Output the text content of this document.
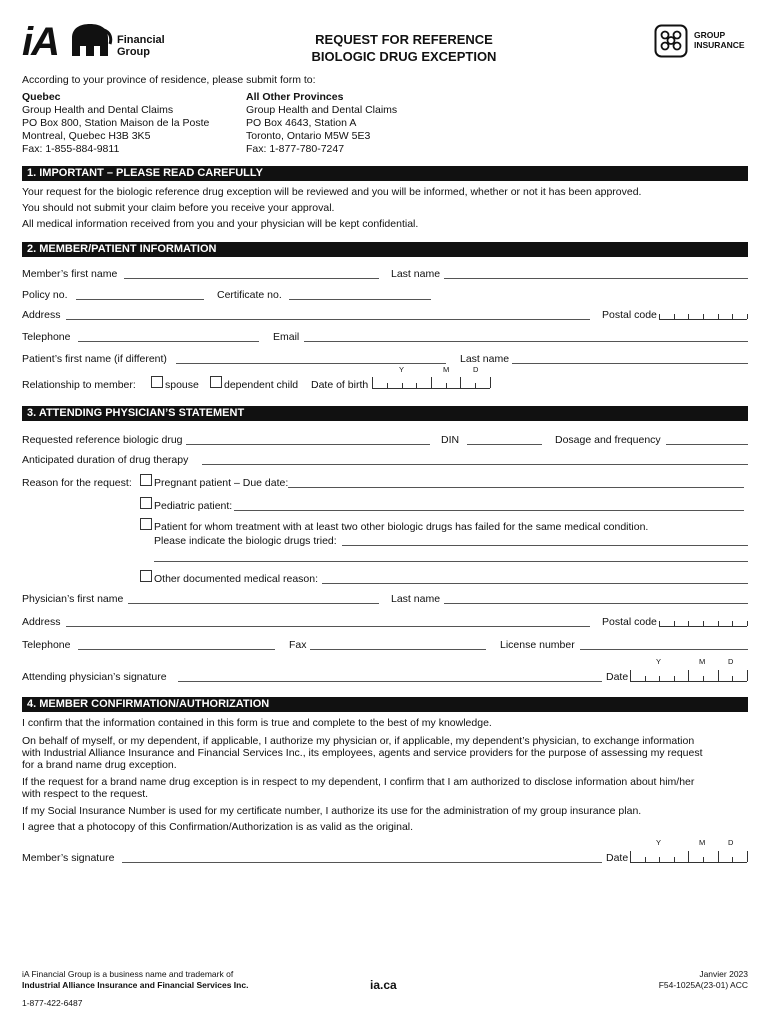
iA	Financial
Group
REQUEST FOR REFERENCE
BIOLOGIC DRUG EXCEPTION
GROUP
INSURANCE
According to your province of residence, please submit form to:
Quebec
Group Health and Dental Claims
PO Box 800, Station Maison de la Poste
Montreal, Quebec H3B 3K5
Fax: 1-855-884-9811
All Other Provinces
Group Health and Dental Claims
PO Box 4643, Station A
Toronto, Ontario M5W 5E3
Fax: 1-877-780-7247
1. IMPORTANT – PLEASE READ CAREFULLY
Your request for the biologic reference drug exception will be reviewed and you will be informed, whether or not it has been approved.
You should not submit your claim before you receive your approval.
All medical information received from you and your physician will be kept confidential.
2. MEMBER/PATIENT INFORMATION
Member’s first name	Last name
Policy no.	Certificate no.
Address	Postal code
Telephone	Email
Patient’s first name (if different)	Last name
Y	M	D
Relationship to member:	spouse dependent child Date of birth
3. ATTENDING PHYSICIAN’S STATEMENT
Requested reference biologic drug	DIN	Dosage and frequency
Anticipated duration of drug therapy
Reason for the request: Pregnant patient – Due date:
Pediatric patient:
Patient for whom treatment with at least two other biologic drugs has failed for the same medical condition.
Please indicate the biologic drugs tried:
Other documented medical reason:
Physician’s first name	Last name
Address	Postal code
Telephone	Fax	License number
Y	M	D
Attending physician’s signature	Date
4. MEMBER CONFIRMATION/AUTHORIZATION
I confirm that the information contained in this form is true and complete to the best of my knowledge.
On behalf of myself, or my dependent, if applicable, I authorize my physician or, if applicable, my dependent’s physician, to exchange information
with Industrial Alliance Insurance and Financial Services Inc., its employees, agents and service providers for the purpose of assessing my request
for a brand name drug exception.
If the request for a brand name drug exception is in respect to my dependent, I confirm that I am authorized to disclose information about him/her
with respect to the request.
If my Social Insurance Number is used for my certificate number, I authorize its use for the administration of my group insurance plan.
I agree that a photocopy of this Confirmation/Authorization is as valid as the original.
Y	M	D
Member’s signature	Date
iA Financial Group is a business name and trademark of
Industrial Alliance Insurance and Financial Services Inc.	ia.ca
Janvier 2023
F54-1025A(23-01) ACC
1-877-422-6487
